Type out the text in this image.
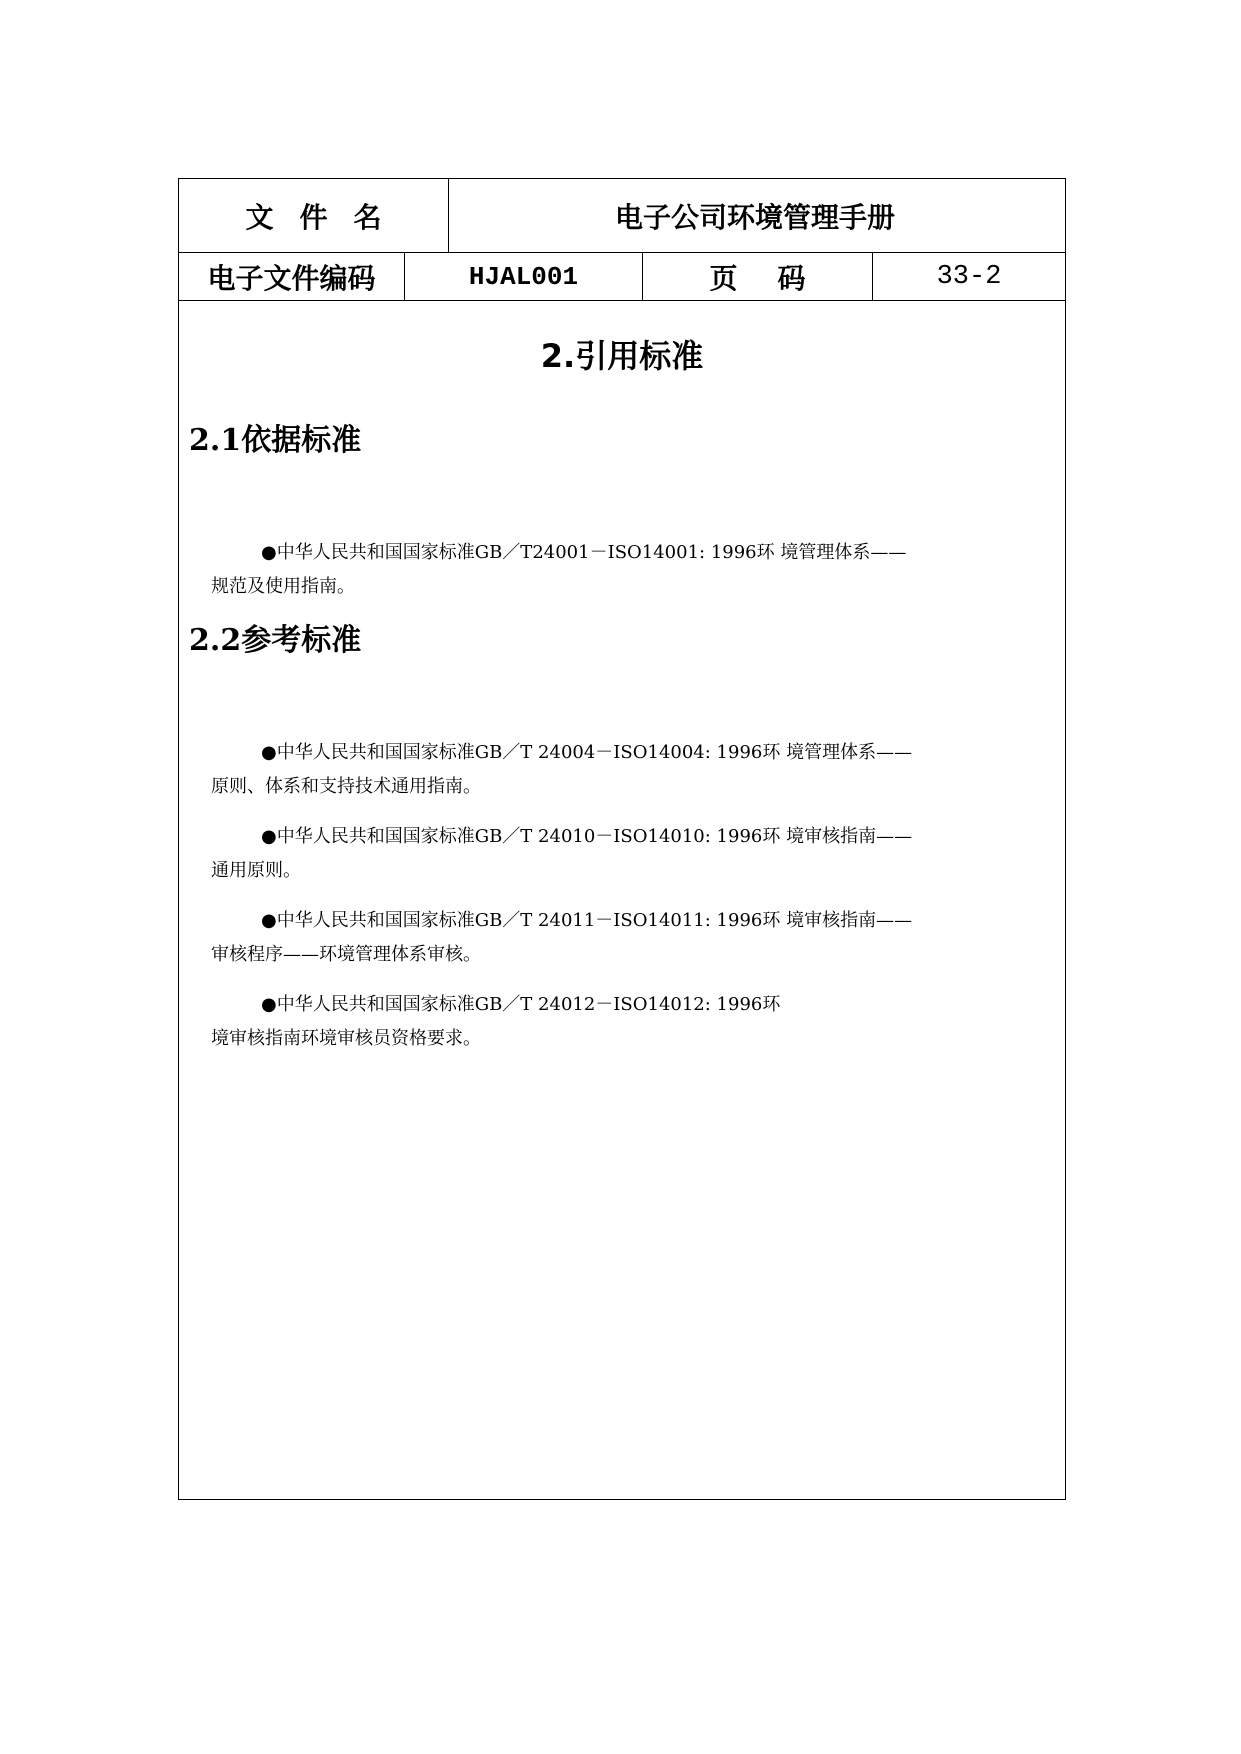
文件名	电子公司环境管理手册
电子文件编码	HJAL001	页码	33-2
2.引用标准
2.1依据标准
●中华人民共和国国家标准GB／T24001－ISO14001: 1996环 境管理体系——
规范及使用指南。
2.2参考标准
●中华人民共和国国家标准GB／T 24004－ISO14004: 1996环 境管理体系——
原则、体系和支持技术通用指南。
●中华人民共和国国家标准GB／T 24010－ISO14010: 1996环 境审核指南——
通用原则。
●中华人民共和国国家标准GB／T 24011－ISO14011: 1996环 境审核指南——
审核程序——环境管理体系审核。
●中华人民共和国国家标准GB／T 24012－ISO14012: 1996环
境审核指南环境审核员资格要求。
